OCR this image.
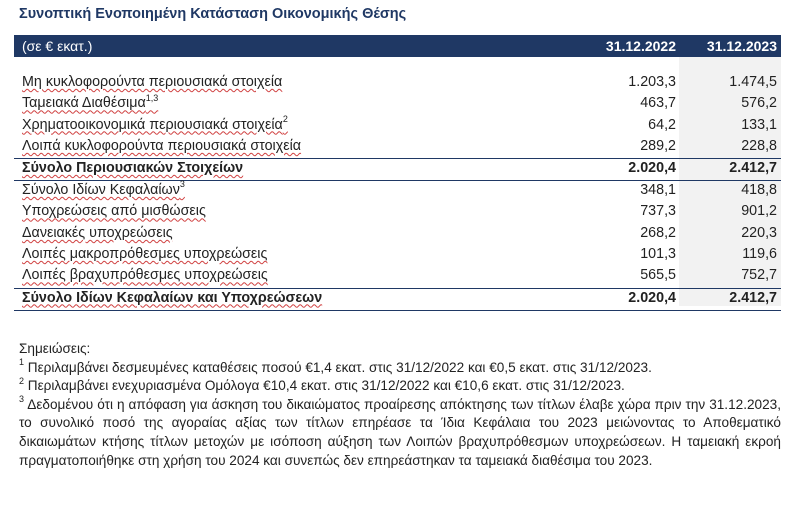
Συνοπτική Ενοποιημένη Κατάσταση Οικονομικής Θέσης
(σε € εκατ.)	31.12.2022	31.12.2023
Μη κυκλοφορούντα περιουσιακά στοιχεία	1.203,3	1.474,5
Ταμειακά Διαθέσιμα$^{1,3}$	463,7	576,2
Χρηματοοικονομικά περιουσιακά στοιχεία$^2$	64,2	133,1
Λοιπά κυκλοφορούντα περιουσιακά στοιχεία	289,2	228,8
Σύνολο Περιουσιακών Στοιχείων	2.020,4	2.412,7
Σύνολο Ιδίων Κεφαλαίων$^3$	348,1	418,8
Υποχρεώσεις από μισθώσεις	737,3	901,2
Δανειακές υποχρεώσεις	268,2	220,3
Λοιπές μακροπρόθεσμες υποχρεώσεις	101,3	119,6
Λοιπές βραχυπρόθεσμες υποχρεώσεις	565,5	752,7
Σύνολο Ιδίων Κεφαλαίων και Υποχρεώσεων	2.020,4	2.412,7

Σημειώσεις:

$^1$ Περιλαμβάνει δεσμευμένες καταθέσεις ποσού €1,4 εκατ. στις 31/12/2022 και €0,5 εκατ. στις 31/12/2023.

$^2$ Περιλαμβάνει ενεχυριασμένα Ομόλογα €10,4 εκατ. στις 31/12/2022 και €10,6 εκατ. στις 31/12/2023.

$^3$ Δεδομένου ότι η απόφαση για άσκηση του δικαιώματος προαίρεσης απόκτησης των τίτλων έλαβε χώρα πριν την 31.12.2023, το συνολικό ποσό της αγοραίας αξίας των τίτλων επηρέασε τα Ίδια Κεφάλαια του 2023 μειώνοντας το Αποθεματικό δικαιωμάτων κτήσης τίτλων μετοχών με ισόποση αύξηση των Λοιπών βραχυπρόθεσμων υποχρεώσεων. Η ταμειακή εκροή πραγματοποιήθηκε στη χρήση του 2024 και συνεπώς δεν επηρεάστηκαν τα ταμειακά διαθέσιμα του 2023.
